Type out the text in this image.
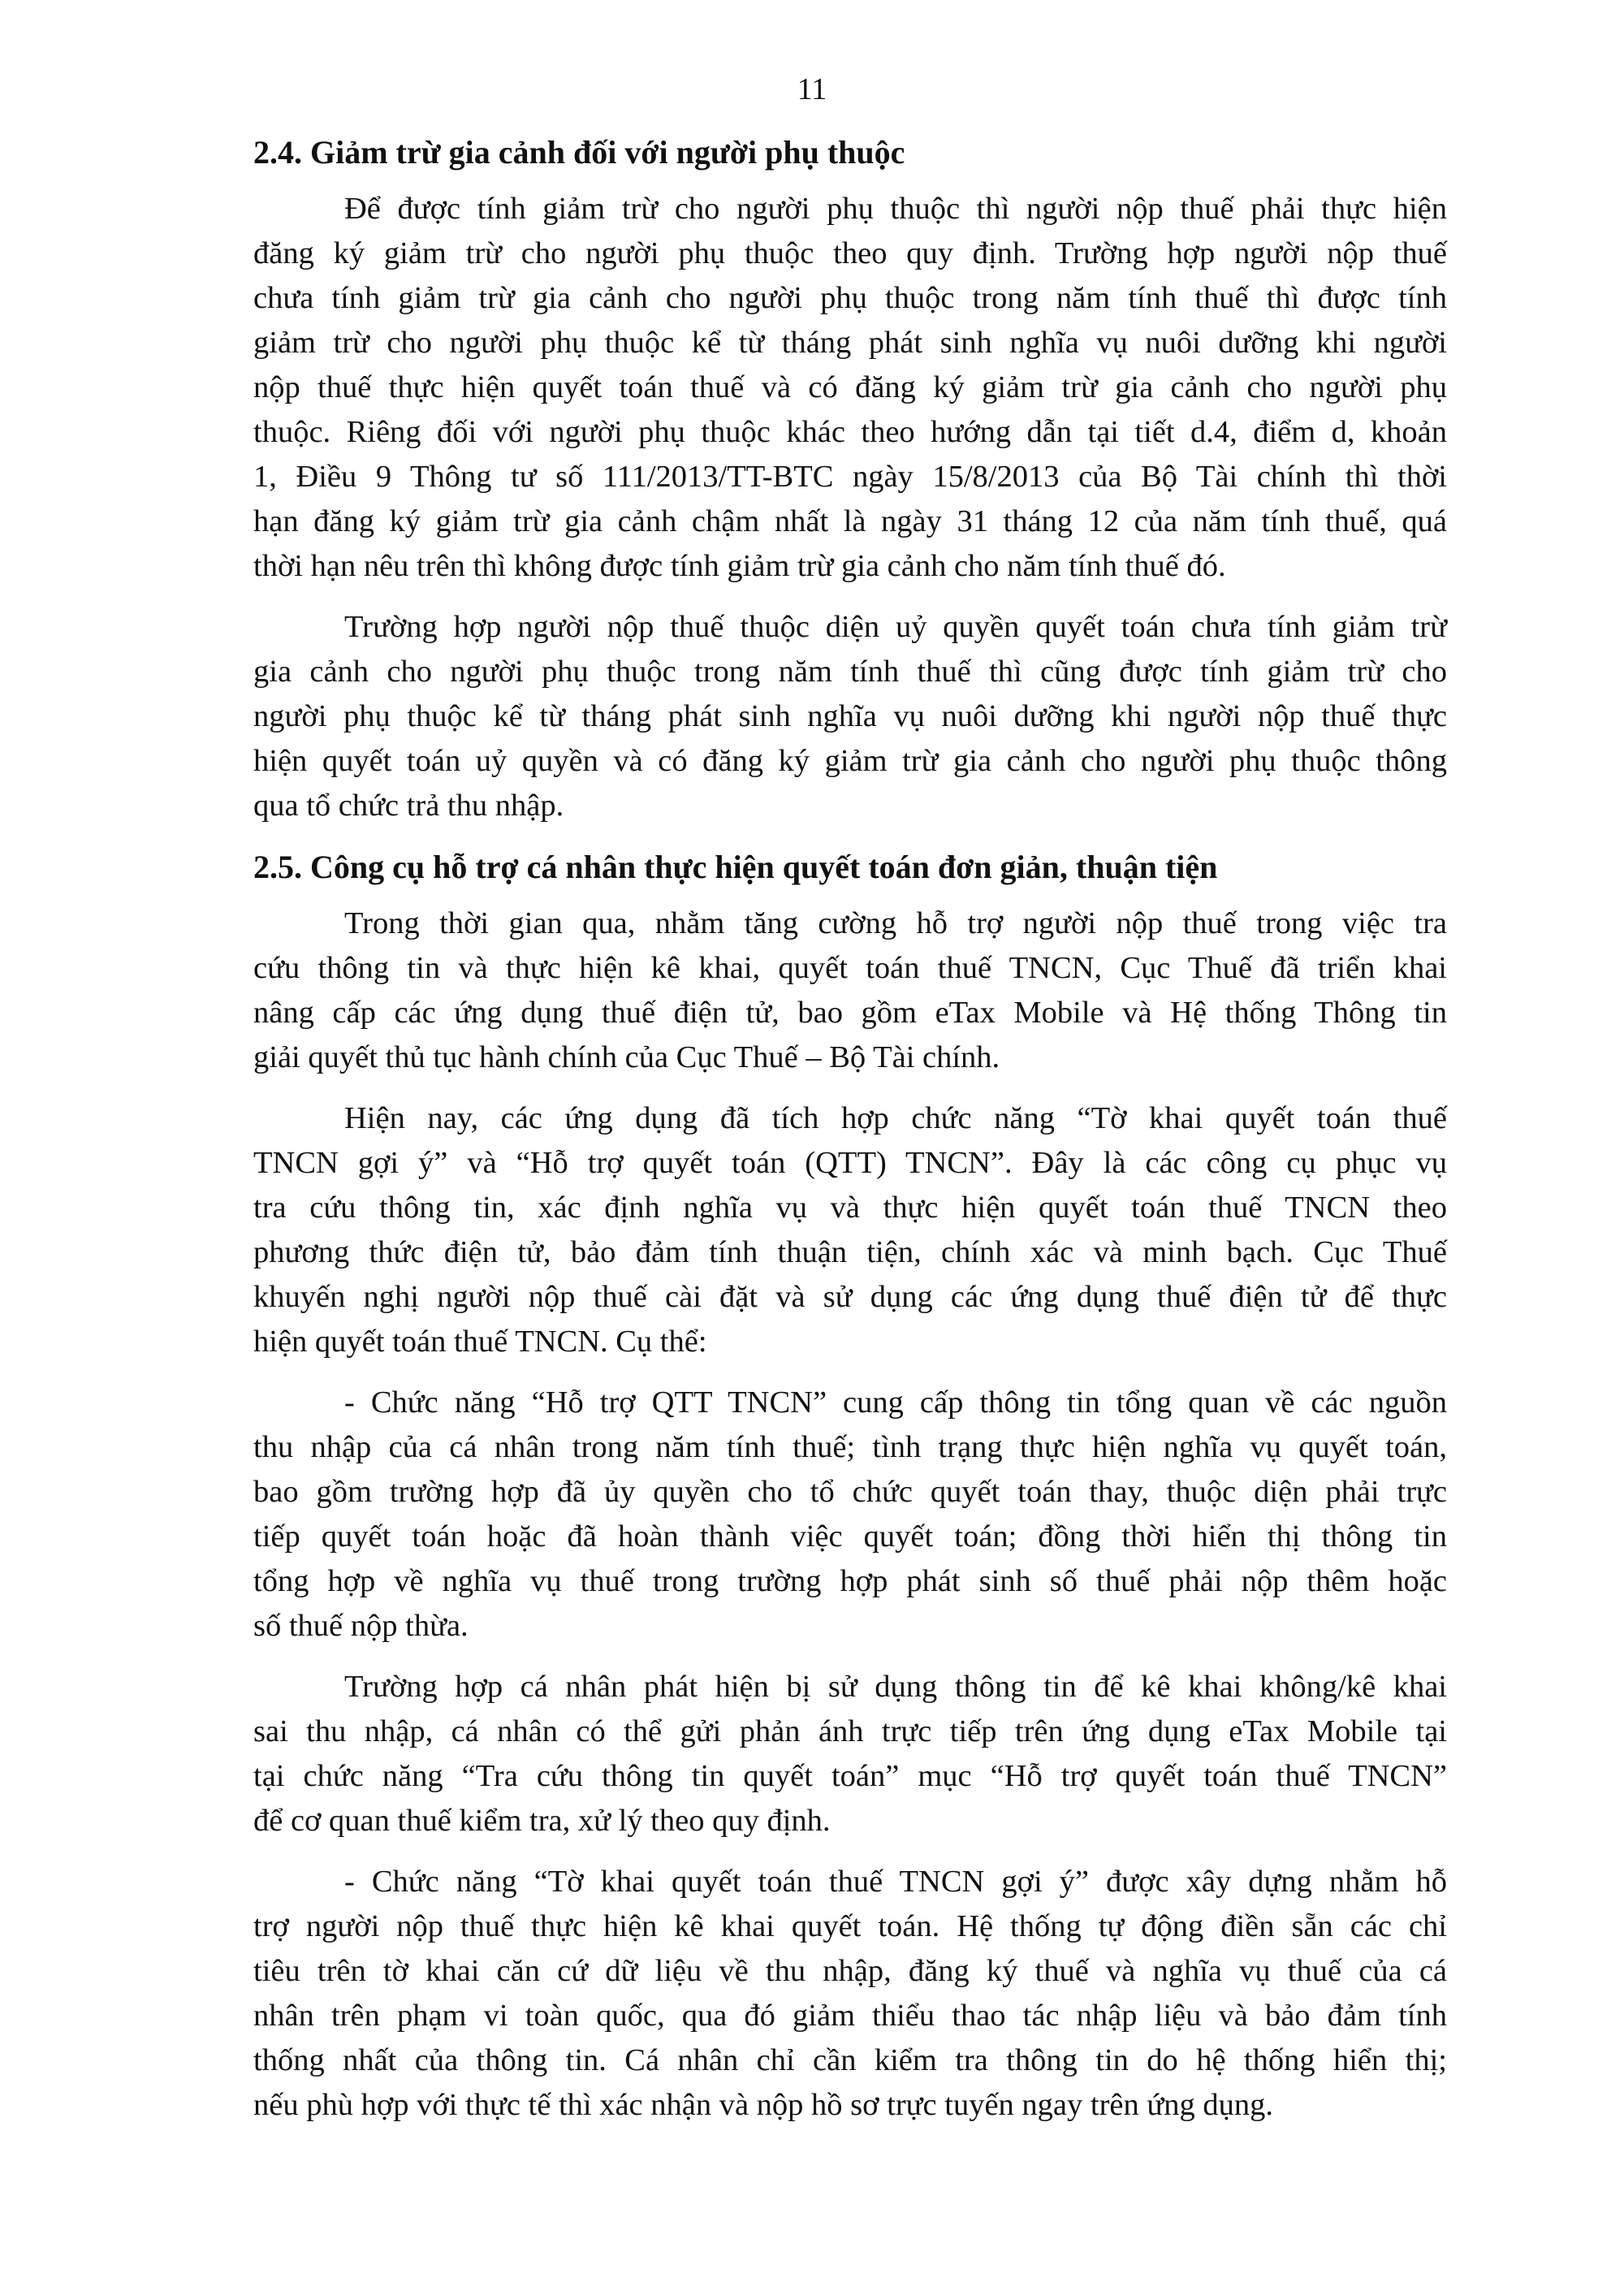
11
2.4. Giảm trừ gia cảnh đối với người phụ thuộc
Để được tính giảm trừ cho người phụ thuộc thì người nộp thuế phải thực hiện
đăng ký giảm trừ cho người phụ thuộc theo quy định. Trường hợp người nộp thuế
chưa tính giảm trừ gia cảnh cho người phụ thuộc trong năm tính thuế thì được tính
giảm trừ cho người phụ thuộc kể từ tháng phát sinh nghĩa vụ nuôi dưỡng khi người
nộp thuế thực hiện quyết toán thuế và có đăng ký giảm trừ gia cảnh cho người phụ
thuộc. Riêng đối với người phụ thuộc khác theo hướng dẫn tại tiết d.4, điểm d, khoản
1, Điều 9 Thông tư số 111/2013/TT-BTC ngày 15/8/2013 của Bộ Tài chính thì thời
hạn đăng ký giảm trừ gia cảnh chậm nhất là ngày 31 tháng 12 của năm tính thuế, quá
thời hạn nêu trên thì không được tính giảm trừ gia cảnh cho năm tính thuế đó.
Trường hợp người nộp thuế thuộc diện uỷ quyền quyết toán chưa tính giảm trừ
gia cảnh cho người phụ thuộc trong năm tính thuế thì cũng được tính giảm trừ cho
người phụ thuộc kể từ tháng phát sinh nghĩa vụ nuôi dưỡng khi người nộp thuế thực
hiện quyết toán uỷ quyền và có đăng ký giảm trừ gia cảnh cho người phụ thuộc thông
qua tổ chức trả thu nhập.
2.5. Công cụ hỗ trợ cá nhân thực hiện quyết toán đơn giản, thuận tiện
Trong thời gian qua, nhằm tăng cường hỗ trợ người nộp thuế trong việc tra
cứu thông tin và thực hiện kê khai, quyết toán thuế TNCN, Cục Thuế đã triển khai
nâng cấp các ứng dụng thuế điện tử, bao gồm eTax Mobile và Hệ thống Thông tin
giải quyết thủ tục hành chính của Cục Thuế – Bộ Tài chính.
Hiện nay, các ứng dụng đã tích hợp chức năng “Tờ khai quyết toán thuế
TNCN gợi ý” và “Hỗ trợ quyết toán (QTT) TNCN”. Đây là các công cụ phục vụ
tra cứu thông tin, xác định nghĩa vụ và thực hiện quyết toán thuế TNCN theo
phương thức điện tử, bảo đảm tính thuận tiện, chính xác và minh bạch. Cục Thuế
khuyến nghị người nộp thuế cài đặt và sử dụng các ứng dụng thuế điện tử để thực
hiện quyết toán thuế TNCN. Cụ thể:
- Chức năng “Hỗ trợ QTT TNCN” cung cấp thông tin tổng quan về các nguồn
thu nhập của cá nhân trong năm tính thuế; tình trạng thực hiện nghĩa vụ quyết toán,
bao gồm trường hợp đã ủy quyền cho tổ chức quyết toán thay, thuộc diện phải trực
tiếp quyết toán hoặc đã hoàn thành việc quyết toán; đồng thời hiển thị thông tin
tổng hợp về nghĩa vụ thuế trong trường hợp phát sinh số thuế phải nộp thêm hoặc
số thuế nộp thừa.
Trường hợp cá nhân phát hiện bị sử dụng thông tin để kê khai không/kê khai
sai thu nhập, cá nhân có thể gửi phản ánh trực tiếp trên ứng dụng eTax Mobile tại
tại chức năng “Tra cứu thông tin quyết toán” mục “Hỗ trợ quyết toán thuế TNCN”
để cơ quan thuế kiểm tra, xử lý theo quy định.
- Chức năng “Tờ khai quyết toán thuế TNCN gợi ý” được xây dựng nhằm hỗ
trợ người nộp thuế thực hiện kê khai quyết toán. Hệ thống tự động điền sẵn các chỉ
tiêu trên tờ khai căn cứ dữ liệu về thu nhập, đăng ký thuế và nghĩa vụ thuế của cá
nhân trên phạm vi toàn quốc, qua đó giảm thiểu thao tác nhập liệu và bảo đảm tính
thống nhất của thông tin. Cá nhân chỉ cần kiểm tra thông tin do hệ thống hiển thị;
nếu phù hợp với thực tế thì xác nhận và nộp hồ sơ trực tuyến ngay trên ứng dụng.
